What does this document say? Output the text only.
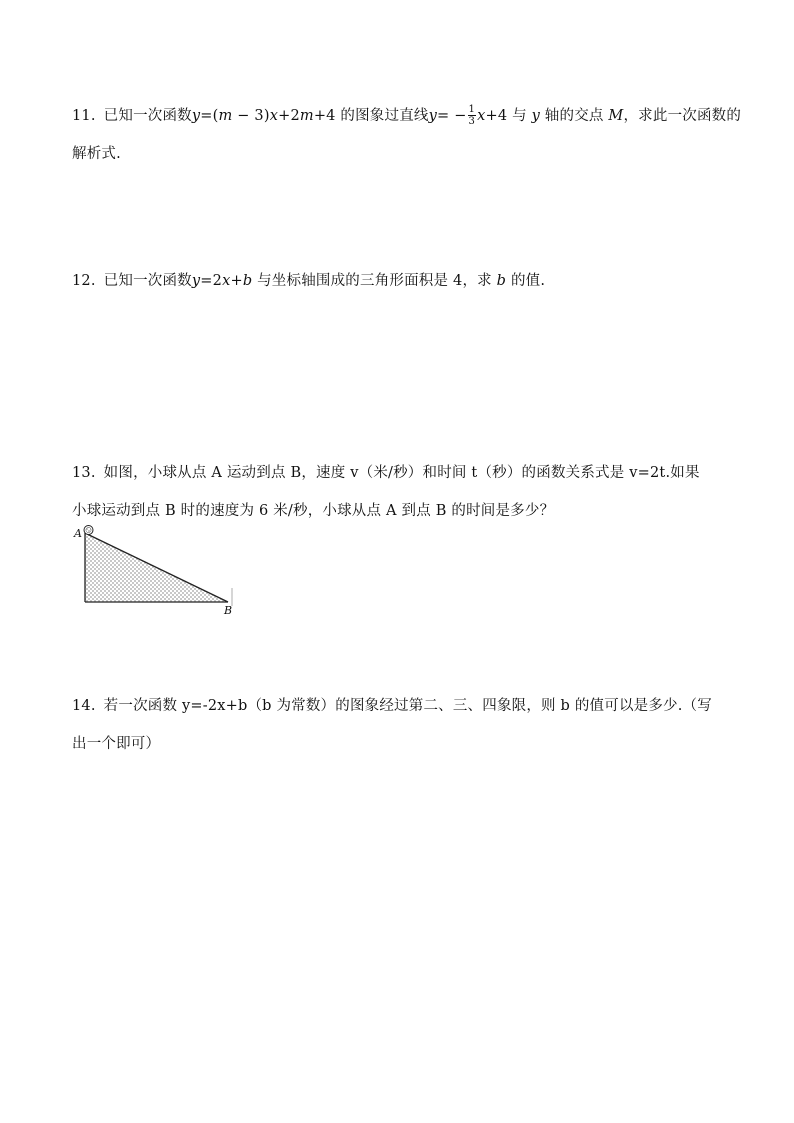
11. 已知一次函数y=(m − 3)x+2m+4 的图象过直线$y= - \frac{1}{3} x+4$ 与 y 轴的交点 M，求此一次函数的
解析式.
12. 已知一次函数y=2x+b 与坐标轴围成的三角形面积是 4，求 b 的值.
13. 如图，小球从点 A 运动到点 B，速度 v（米/秒）和时间 t（秒）的函数关系式是 v=2t.如果
小球运动到点 B 时的速度为 6 米/秒，小球从点 A 到点 B 的时间是多少？
A
B
14. 若一次函数 y=-2x+b（b 为常数）的图象经过第二、三、四象限，则 b 的值可以是多少.（写
出一个即可）
